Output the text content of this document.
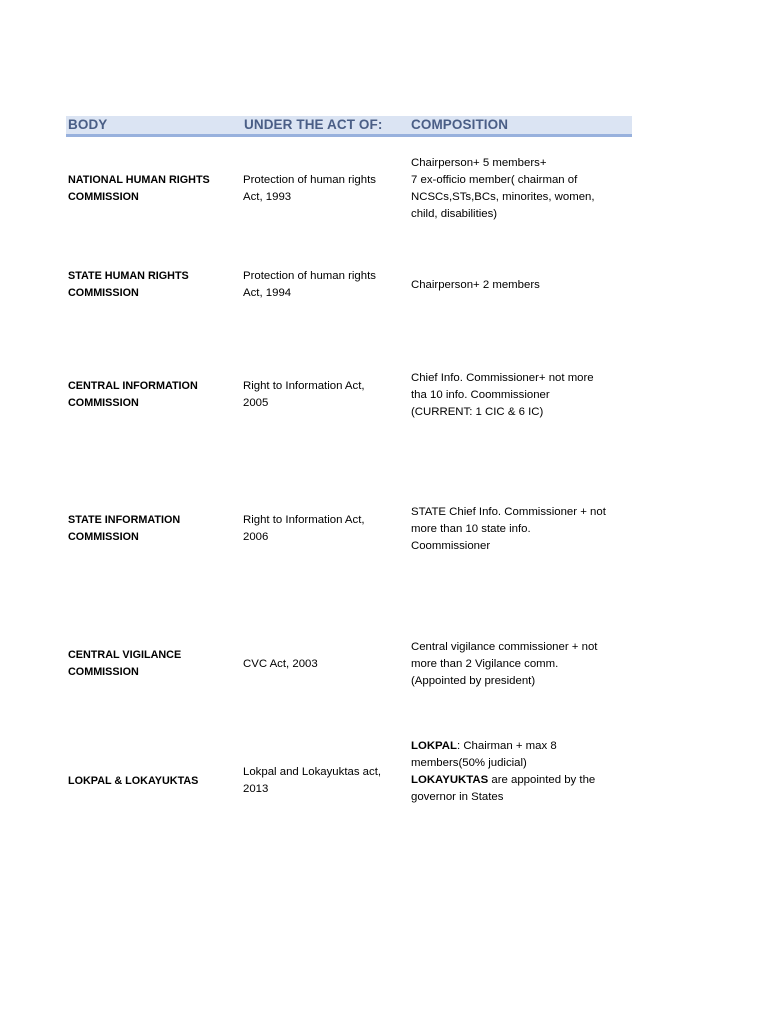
BODY	UNDER THE ACT OF: COMPOSITION
NATIONAL HUMAN RIGHTS
COMMISSION
Protection of human rights
Act, 1993
Chairperson+ 5 members+
7 ex-officio member( chairman of
NCSCs,STs,BCs, minorites, women,
child, disabilities)
STATE HUMAN RIGHTS
COMMISSION
Protection of human rights
Act, 1994
Chairperson+ 2 members
CENTRAL INFORMATION
COMMISSION
Right to Information Act,
2005
Chief Info. Commissioner+ not more
tha 10 info. Coommissioner
(CURRENT: 1 CIC & 6 IC)
STATE INFORMATION
COMMISSION
Right to Information Act,
2006
STATE Chief Info. Commissioner + not
more than 10 state info.
Coommissioner
CENTRAL VIGILANCE
COMMISSION
CVC Act, 2003
Central vigilance commissioner + not
more than 2 Vigilance comm.
(Appointed by president)
LOKPAL & LOKAYUKTAS
Lokpal and Lokayuktas act,
2013
LOKPAL: Chairman + max 8
members(50% judicial)
LOKAYUKTAS are appointed by the
governor in States
